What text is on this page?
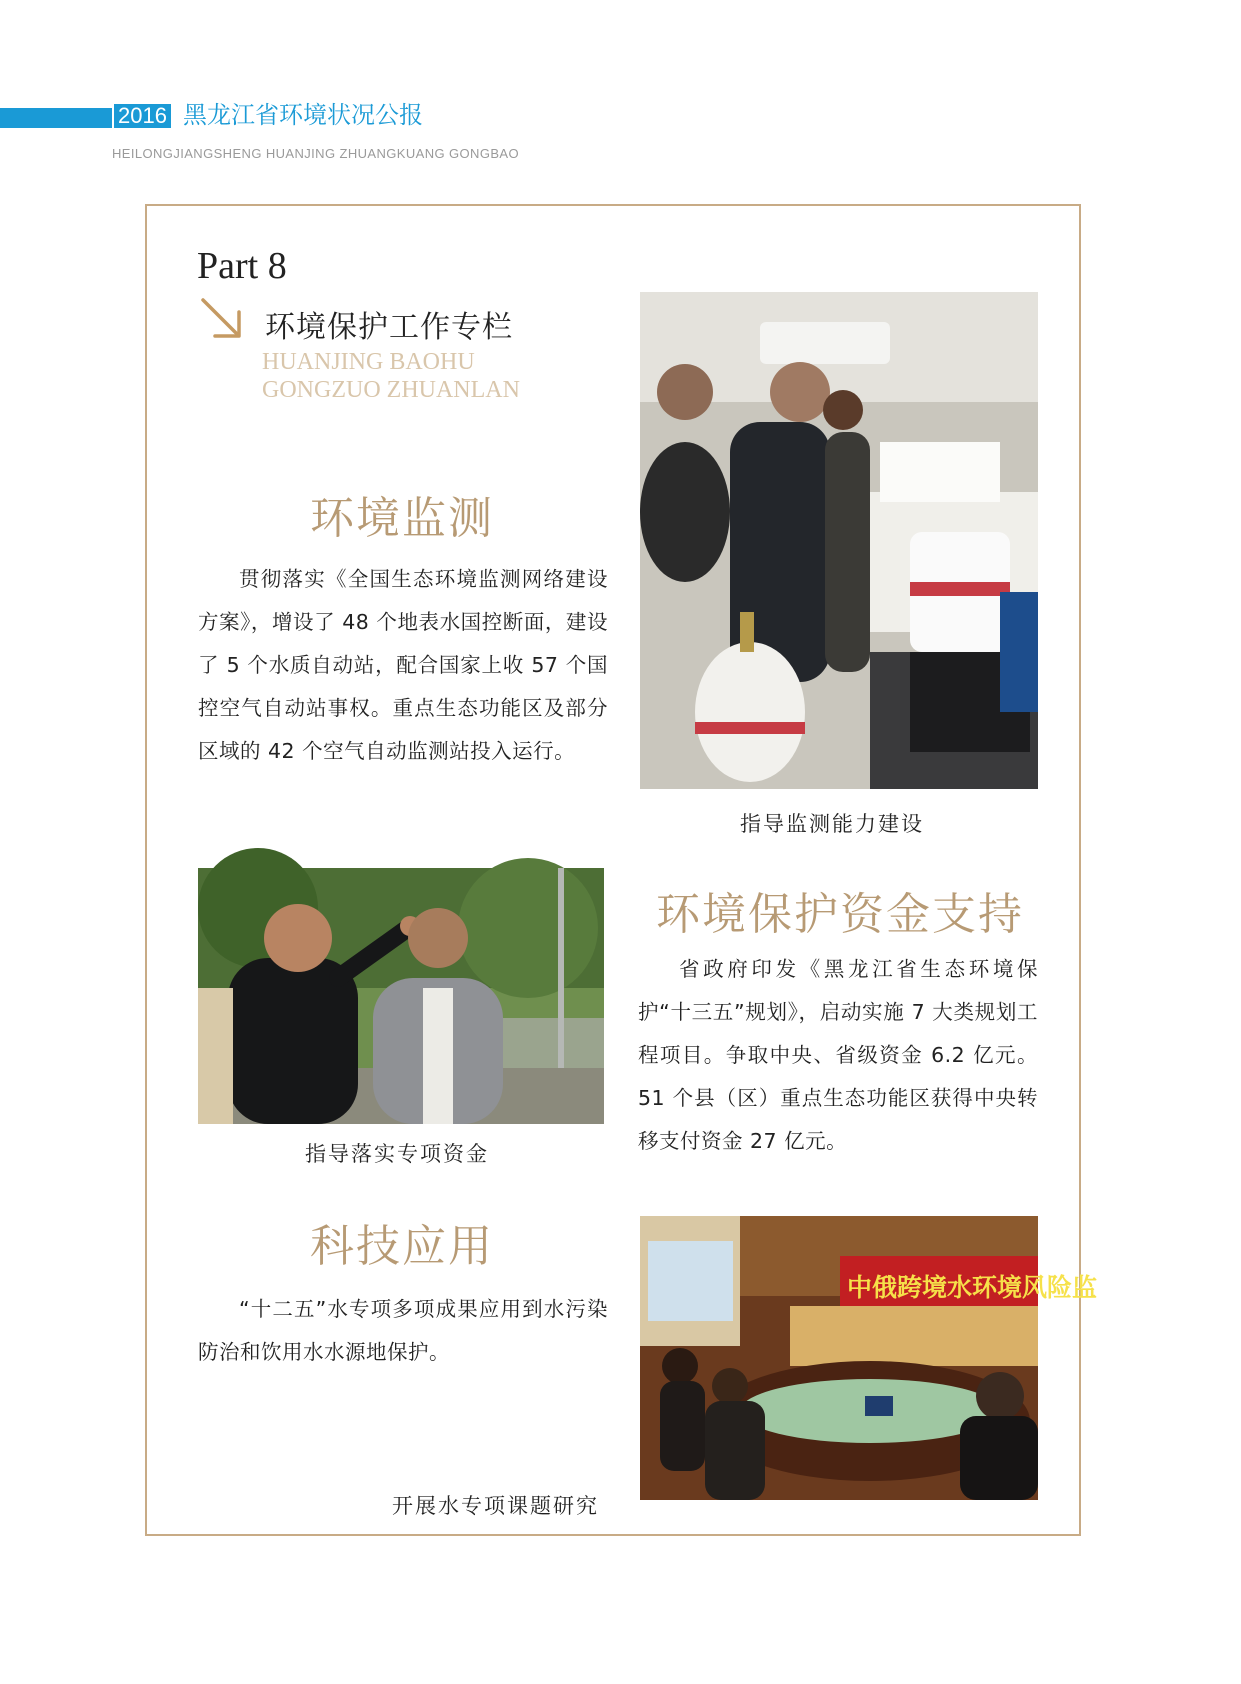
2016 黑龙江省环境状况公报
HEILONGJIANGSHENG HUANJING ZHUANGKUANG GONGBAO
Part 8
环境保护工作专栏
HUANJING BAOHU
GONGZUO ZHUANLAN
环境监测
贯彻落实《全国生态环境监测网络建设方案》，增设了 48 个地表水国控断面，建设了 5 个水质自动站，配合国家上收 57 个国控空气自动站事权。重点生态功能区及部分区域的 42 个空气自动监测站投入运行。
指导监测能力建设
指导落实专项资金
环境保护资金支持
省政府印发《黑龙江省生态环境保护“十三五”规划》，启动实施 7 大类规划工程项目。争取中央、省级资金 6.2 亿元。51 个县（区）重点生态功能区获得中央转移支付资金 27 亿元。
科技应用
“十二五”水专项多项成果应用到水污染防治和饮用水水源地保护。
中俄跨境水环境风险监
开展水专项课题研究
